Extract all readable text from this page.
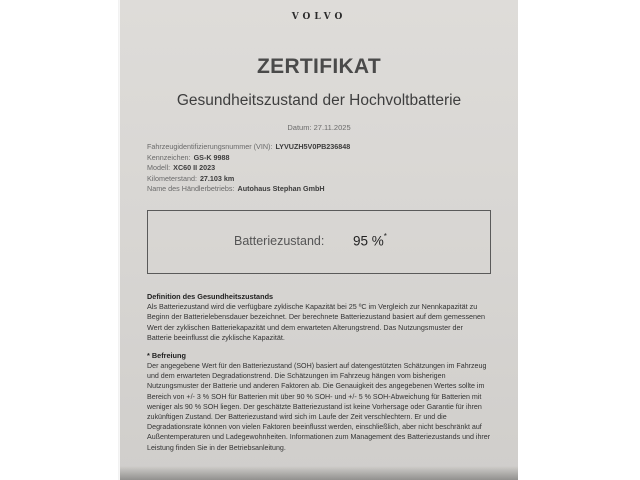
VOLVO
ZERTIFIKAT
Gesundheitszustand der Hochvoltbatterie
Datum: 27.11.2025
Fahrzeugidentifizierungsnummer (VIN): LYVUZH5V0PB236848
Kennzeichen: GS-K 9988
Modell: XC60 II 2023
Kilometerstand: 27.103 km
Name des Händlerbetriebs: Autohaus Stephan GmbH
Batteriezustand: 95 %*
Definition des Gesundheitszustands
Als Batteriezustand wird die verfügbare zyklische Kapazität bei 25 ºC im Vergleich zur Nennkapazität zu Beginn der Batterielebensdauer bezeichnet. Der berechnete Batteriezustand basiert auf dem gemessenen Wert der zyklischen Batteriekapazität und dem erwarteten Alterungstrend. Das Nutzungsmuster der Batterie beeinflusst die zyklische Kapazität.
* Befreiung
Der angegebene Wert für den Batteriezustand (SOH) basiert auf datengestützten Schätzungen im Fahrzeug und dem erwarteten Degradationstrend. Die Schätzungen im Fahrzeug hängen vom bisherigen Nutzungsmuster der Batterie und anderen Faktoren ab. Die Genauigkeit des angegebenen Wertes sollte im Bereich von +/- 3 % SOH für Batterien mit über 90 % SOH- und +/- 5 % SOH-Abweichung für Batterien mit weniger als 90 % SOH liegen. Der geschätzte Batteriezustand ist keine Vorhersage oder Garantie für ihren zukünftigen Zustand. Der Batteriezustand wird sich im Laufe der Zeit verschlechtern. Er und die Degradationsrate können von vielen Faktoren beeinflusst werden, einschließlich, aber nicht beschränkt auf Außentemperaturen und Ladegewohnheiten. Informationen zum Management des Batteriezustands und ihrer Leistung finden Sie in der Betriebsanleitung.
